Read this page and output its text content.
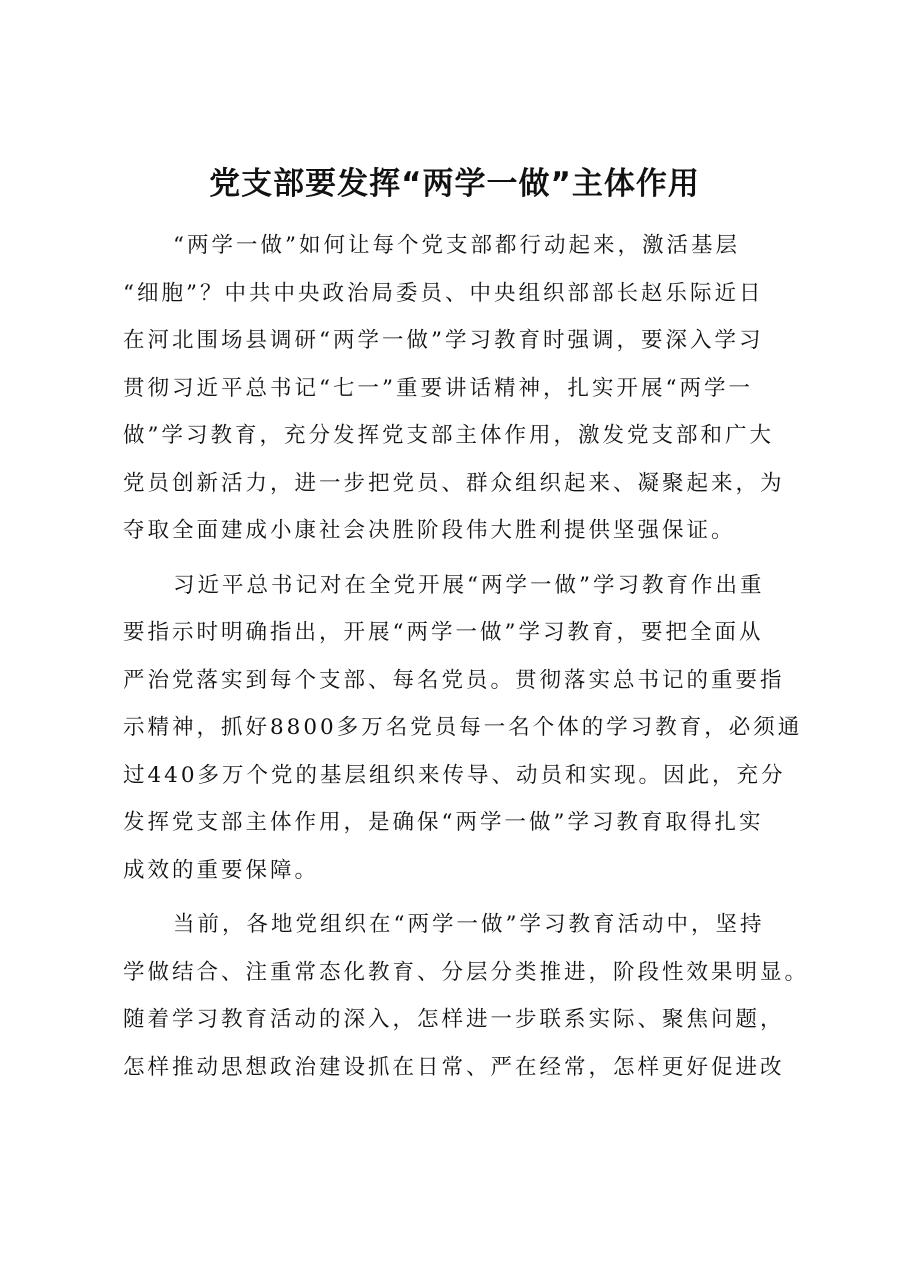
党支部要发挥“两学一做”主体作用
“两学一做”如何让每个党支部都行动起来，激活基层
“细胞”？中共中央政治局委员、中央组织部部长赵乐际近日
在河北围场县调研“两学一做”学习教育时强调，要深入学习
贯彻习近平总书记“七一”重要讲话精神，扎实开展“两学一
做”学习教育，充分发挥党支部主体作用，激发党支部和广大
党员创新活力，进一步把党员、群众组织起来、凝聚起来，为
夺取全面建成小康社会决胜阶段伟大胜利提供坚强保证。
习近平总书记对在全党开展“两学一做”学习教育作出重
要指示时明确指出，开展“两学一做”学习教育，要把全面从
严治党落实到每个支部、每名党员。贯彻落实总书记的重要指
示精神，抓好8800多万名党员每一名个体的学习教育，必须通
过440多万个党的基层组织来传导、动员和实现。因此，充分
发挥党支部主体作用，是确保“两学一做”学习教育取得扎实
成效的重要保障。
当前，各地党组织在“两学一做”学习教育活动中，坚持
学做结合、注重常态化教育、分层分类推进，阶段性效果明显。
随着学习教育活动的深入，怎样进一步联系实际、聚焦问题，
怎样推动思想政治建设抓在日常、严在经常，怎样更好促进改
